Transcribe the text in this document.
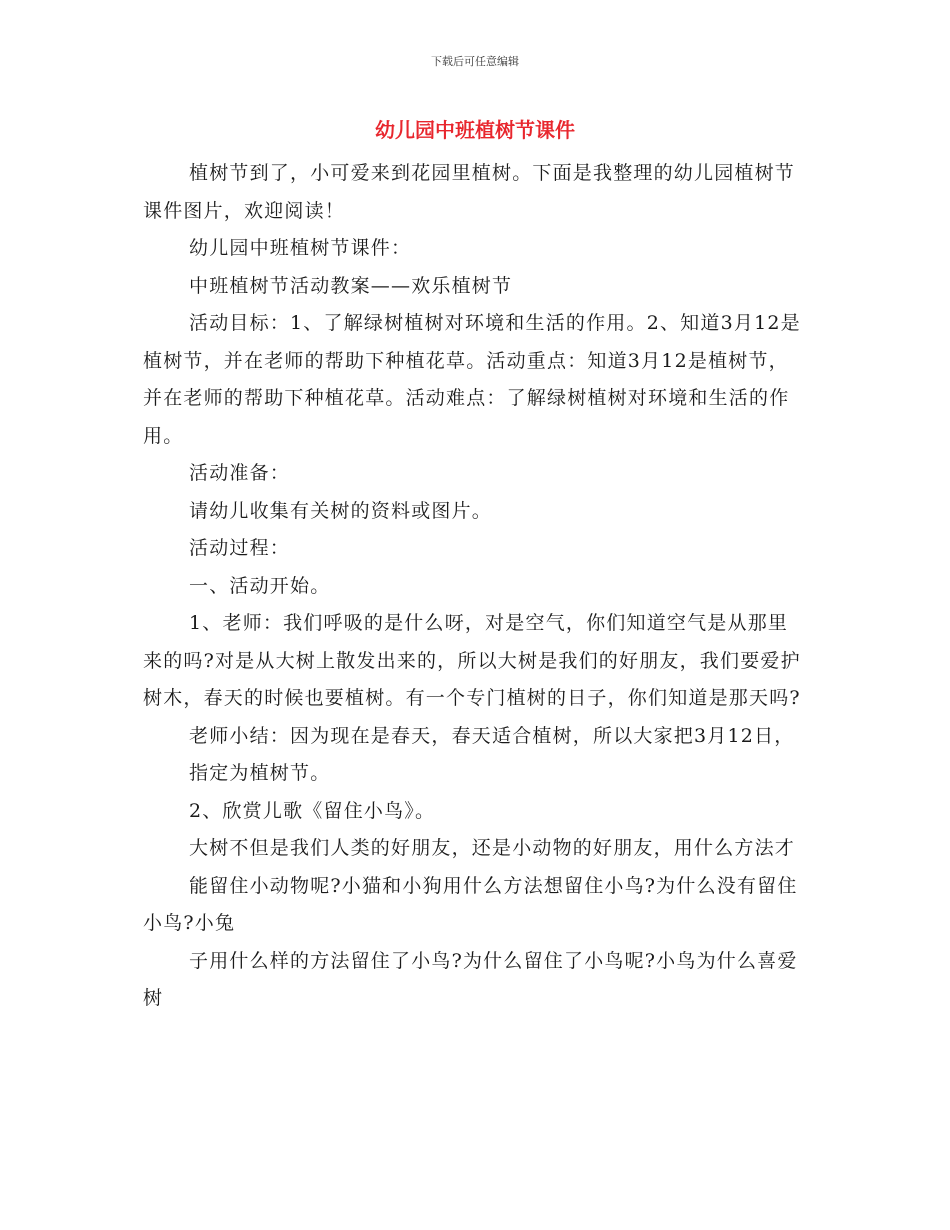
下载后可任意编辑
幼儿园中班植树节课件

植树节到了，小可爱来到花园里植树。下面是我整理的幼儿园植树节课件图片，欢迎阅读！

幼儿园中班植树节课件：

中班植树节活动教案——欢乐植树节

活动目标：1、了解绿树植树对环境和生活的作用。2、知道3月12是植树节，并在老师的帮助下种植花草。活动重点：知道3月12是植树节，并在老师的帮助下种植花草。活动难点：了解绿树植树对环境和生活的作用。

活动准备：

请幼儿收集有关树的资料或图片。

活动过程：

一、活动开始。

1、老师：我们呼吸的是什么呀，对是空气，你们知道空气是从那里来的吗?对是从大树上散发出来的，所以大树是我们的好朋友，我们要爱护树木，春天的时候也要植树。有一个专门植树的日子，你们知道是那天吗?

老师小结：因为现在是春天，春天适合植树，所以大家把3月12日，

指定为植树节。

2、欣赏儿歌《留住小鸟》。

大树不但是我们人类的好朋友，还是小动物的好朋友，用什么方法才

能留住小动物呢?小猫和小狗用什么方法想留住小鸟?为什么没有留住小鸟?小兔

子用什么样的方法留住了小鸟?为什么留住了小鸟呢?小鸟为什么喜爱树
